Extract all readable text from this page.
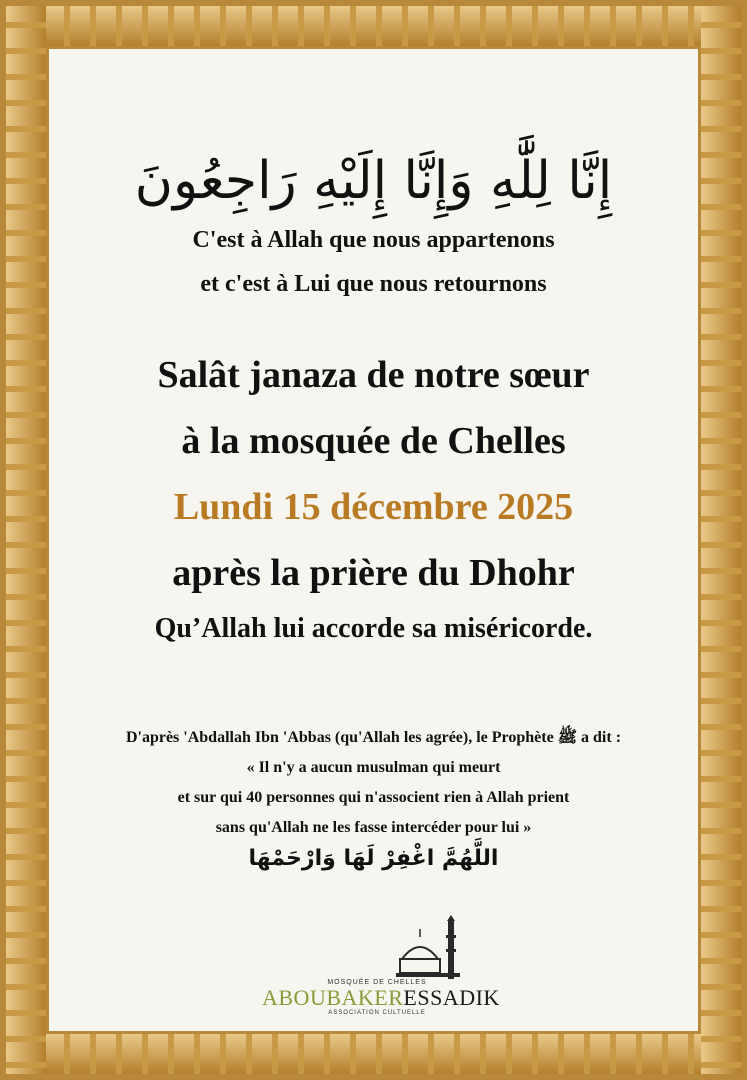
إِنَّا لِلَّٰهِ وَإِنَّا إِلَيْهِ رَاجِعُونَ

C'est à Allah que nous appartenons
et c'est à Lui que nous retournons
Salât janaza de notre sœur
à la mosquée de Chelles
Lundi 15 décembre 2025
après la prière du Dhohr
Qu’Allah lui accorde sa miséricorde.
D'après 'Abdallah Ibn 'Abbas (qu'Allah les agrée), le Prophète ﷺ a dit :
« Il n'y a aucun musulman qui meurt
et sur qui 40 personnes qui n'associent rien à Allah prient
sans qu'Allah ne les fasse intercéder pour lui »
اللَّهُمَّ اغْفِرْ لَهَا وَارْحَمْهَا
MOSQUÉE DE CHELLES
ABOUBAKERESSADIK
ASSOCIATION CULTUELLE
